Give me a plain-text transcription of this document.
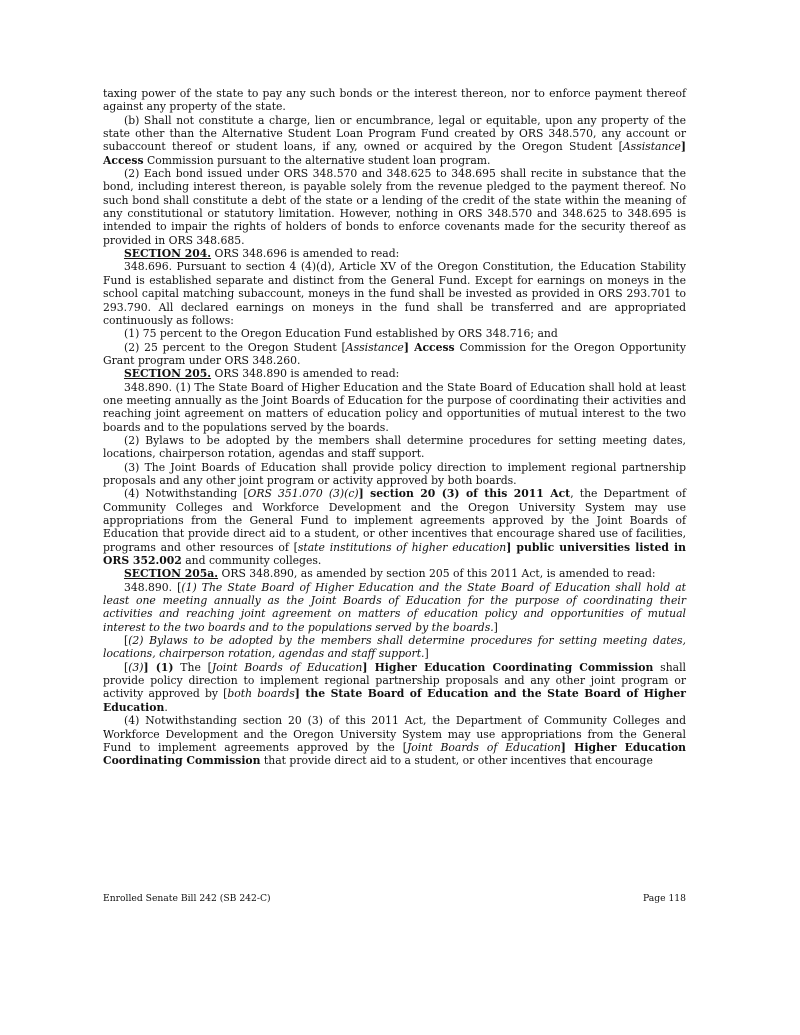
taxing power of the state to pay any such bonds or the interest thereon, nor to enforce payment thereof against any property of the state.

(b) Shall not constitute a charge, lien or encumbrance, legal or equitable, upon any property of the state other than the Alternative Student Loan Program Fund created by ORS 348.570, any account or subaccount thereof or student loans, if any, owned or acquired by the Oregon Student [Assistance] Access Commission pursuant to the alternative student loan program.

(2) Each bond issued under ORS 348.570 and 348.625 to 348.695 shall recite in substance that the bond, including interest thereon, is payable solely from the revenue pledged to the payment thereof. No such bond shall constitute a debt of the state or a lending of the credit of the state within the meaning of any constitutional or statutory limitation. However, nothing in ORS 348.570 and 348.625 to 348.695 is intended to impair the rights of holders of bonds to enforce covenants made for the security thereof as provided in ORS 348.685.

SECTION 204. ORS 348.696 is amended to read:

348.696. Pursuant to section 4 (4)(d), Article XV of the Oregon Constitution, the Education Stability Fund is established separate and distinct from the General Fund. Except for earnings on moneys in the school capital matching subaccount, moneys in the fund shall be invested as provided in ORS 293.701 to 293.790. All declared earnings on moneys in the fund shall be transferred and are appropriated continuously as follows:

(1) 75 percent to the Oregon Education Fund established by ORS 348.716; and

(2) 25 percent to the Oregon Student [Assistance] Access Commission for the Oregon Opportunity Grant program under ORS 348.260.

SECTION 205. ORS 348.890 is amended to read:

348.890. (1) The State Board of Higher Education and the State Board of Education shall hold at least one meeting annually as the Joint Boards of Education for the purpose of coordinating their activities and reaching joint agreement on matters of education policy and opportunities of mutual interest to the two boards and to the populations served by the boards.

(2) Bylaws to be adopted by the members shall determine procedures for setting meeting dates, locations, chairperson rotation, agendas and staff support.

(3) The Joint Boards of Education shall provide policy direction to implement regional partnership proposals and any other joint program or activity approved by both boards.

(4) Notwithstanding [ORS 351.070 (3)(c)] section 20 (3) of this 2011 Act, the Department of Community Colleges and Workforce Development and the Oregon University System may use appropriations from the General Fund to implement agreements approved by the Joint Boards of Education that provide direct aid to a student, or other incentives that encourage shared use of facilities, programs and other resources of [state institutions of higher education] public universities listed in ORS 352.002 and community colleges.

SECTION 205a. ORS 348.890, as amended by section 205 of this 2011 Act, is amended to read:

348.890. [(1) The State Board of Higher Education and the State Board of Education shall hold at least one meeting annually as the Joint Boards of Education for the purpose of coordinating their activities and reaching joint agreement on matters of education policy and opportunities of mutual interest to the two boards and to the populations served by the boards.]

[(2) Bylaws to be adopted by the members shall determine procedures for setting meeting dates, locations, chairperson rotation, agendas and staff support.]

[(3)] (1) The [Joint Boards of Education] Higher Education Coordinating Commission shall provide policy direction to implement regional partnership proposals and any other joint program or activity approved by [both boards] the State Board of Education and the State Board of Higher Education.

(4) Notwithstanding section 20 (3) of this 2011 Act, the Department of Community Colleges and Workforce Development and the Oregon University System may use appropriations from the General Fund to implement agreements approved by the [Joint Boards of Education] Higher Education Coordinating Commission that provide direct aid to a student, or other incentives that encourage

Enrolled Senate Bill 242 (SB 242-C)	Page 118
